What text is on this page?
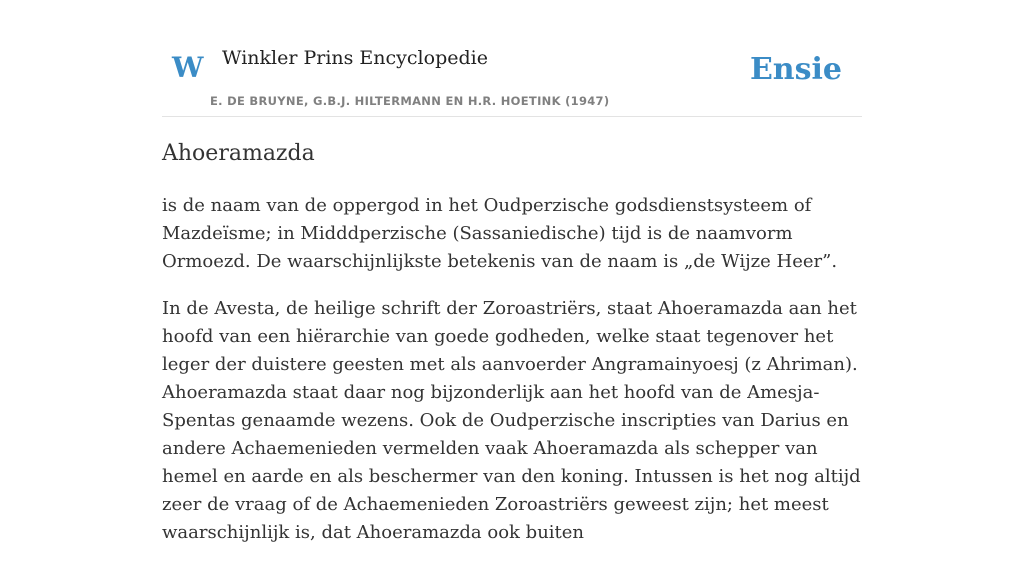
W Winkler Prins Encyclopedie
E. DE BRUYNE, G.B.J. HILTERMANN EN H.R. HOETINK (1947)
Ensie
Ahoeramazda

is de naam van de oppergod in het Oudperzische godsdienstsysteem of Mazdeïsme; in Midddperzische (Sassaniedische) tijd is de naamvorm Ormoezd. De waarschijnlijkste betekenis van de naam is „de Wijze Heer”.

In de Avesta, de heilige schrift der Zoroastriërs, staat Ahoeramazda aan het hoofd van een hiërarchie van goede godheden, welke staat tegenover het leger der duistere geesten met als aanvoerder Angramainyoesj (z Ahriman). Ahoeramazda staat daar nog bijzonderlijk aan het hoofd van de Amesja-Spentas genaamde wezens. Ook de Oudperzische inscripties van Darius en andere Achaemenieden vermelden vaak Ahoeramazda als schepper van hemel en aarde en als beschermer van den koning. Intussen is het nog altijd zeer de vraag of de Achaemenieden Zoroastriërs geweest zijn; het meest waarschijnlijk is, dat Ahoeramazda ook buiten
